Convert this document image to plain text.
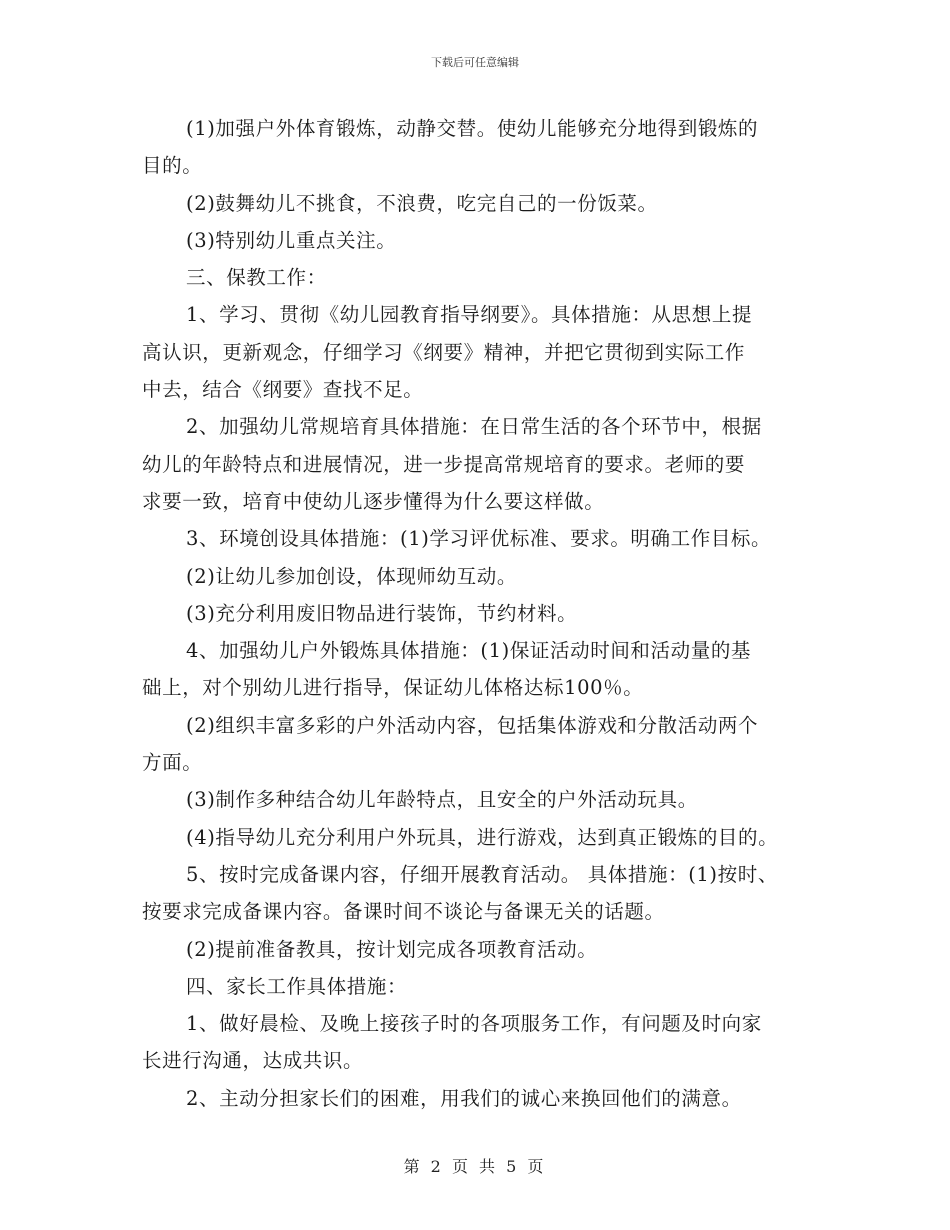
下载后可任意编辑
(1)加强户外体育锻炼，动静交替。使幼儿能够充分地得到锻炼的
目的。
(2)鼓舞幼儿不挑食，不浪费，吃完自己的一份饭菜。
(3)特别幼儿重点关注。
三、保教工作：
1、学习、贯彻《幼儿园教育指导纲要》。具体措施：从思想上提
高认识，更新观念，仔细学习《纲要》精神，并把它贯彻到实际工作
中去，结合《纲要》查找不足。
2、加强幼儿常规培育具体措施：在日常生活的各个环节中，根据
幼儿的年龄特点和进展情况，进一步提高常规培育的要求。老师的要
求要一致，培育中使幼儿逐步懂得为什么要这样做。
3、环境创设具体措施：(1)学习评优标准、要求。明确工作目标。
(2)让幼儿参加创设，体现师幼互动。
(3)充分利用废旧物品进行装饰，节约材料。
4、加强幼儿户外锻炼具体措施：(1)保证活动时间和活动量的基
础上，对个别幼儿进行指导，保证幼儿体格达标100％。
(2)组织丰富多彩的户外活动内容，包括集体游戏和分散活动两个
方面。
(3)制作多种结合幼儿年龄特点，且安全的户外活动玩具。
(4)指导幼儿充分利用户外玩具，进行游戏，达到真正锻炼的目的。
5、按时完成备课内容，仔细开展教育活动。 具体措施：(1)按时、
按要求完成备课内容。备课时间不谈论与备课无关的话题。
(2)提前准备教具，按计划完成各项教育活动。
四、家长工作具体措施：
1、做好晨检、及晚上接孩子时的各项服务工作，有问题及时向家
长进行沟通，达成共识。
2、主动分担家长们的困难，用我们的诚心来换回他们的满意。
第 2 页 共 5 页
